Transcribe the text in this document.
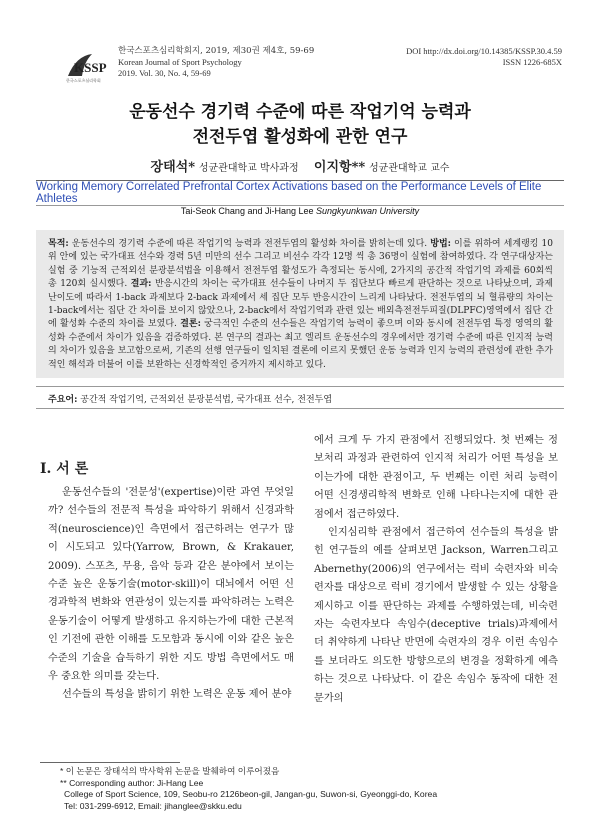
KSSP
한국스포츠심리학회
한국스포츠심리학회지, 2019, 제30권 제4호, 59-69
Korean Journal of Sport Psychology
2019. Vol. 30, No. 4, 59-69
DOI http://dx.doi.org/10.14385/KSSP.30.4.59
ISSN 1226-685X
운동선수 경기력 수준에 따른 작업기억 능력과
전전두엽 활성화에 관한 연구
장태석* 성균관대학교 박사과정 이지항** 성균관대학교 교수
Working Memory Correlated Prefrontal Cortex Activations based on the Performance Levels of Elite Athletes
Tai-Seok Chang and Ji-Hang Lee Sungkyunkwan University
목적: 운동선수의 경기력 수준에 따른 작업기억 능력과 전전두엽의 활성화 차이를 밝히는데 있다. 방법: 이를 위하여 세계랭킹 10위 안에 있는 국가대표 선수와 경력 5년 미만의 선수 그리고 비선수 각각 12명 씩 총 36명이 실험에 참여하였다. 각 연구대상자는 실험 중 기능적 근적외선 분광분석법을 이용해서 전전두엽 활성도가 측정되는 동시에, 2가지의 공간적 작업기억 과제를 60회씩 총 120회 실시했다. 결과: 반응시간의 차이는 국가대표 선수들이 나머지 두 집단보다 빠르게 판단하는 것으로 나타났으며, 과제 난이도에 따라서 1-back 과제보다 2-back 과제에서 세 집단 모두 반응시간이 느리게 나타났다. 전전두엽의 뇌 혈류량의 차이는 1-back에서는 집단 간 차이를 보이지 않았으나, 2-back에서 작업기억과 관련 있는 배외측전전두피질(DLPFC)영역에서 집단 간에 활성화 수준의 차이를 보였다. 결론: 궁극적인 수준의 선수들은 작업기억 능력이 좋으며 이와 동시에 전전두엽 특정 영역의 활성화 수준에서 차이가 있음을 검증하였다. 본 연구의 결과는 최고 엘리트 운동선수의 경우에서만 경기력 수준에 따른 인지적 능력의 차이가 있음을 보고함으로써, 기존의 선행 연구들이 일치된 결론에 이르지 못했던 운동 능력과 인지 능력의 관련성에 관한 추가적인 해석과 더불어 이를 보완하는 신경학적인 증거까지 제시하고 있다.
주요어: 공간적 작업기억, 근적외선 분광분석법, 국가대표 선수, 전전두엽
I. 서 론

운동선수들의 '전문성'(expertise)이란 과연 무엇일까? 선수들의 전문적 특성을 파악하기 위해서 신경과학적(neuroscience)인 측면에서 접근하려는 연구가 많이 시도되고 있다(Yarrow, Brown, & Krakauer, 2009). 스포츠, 무용, 음악 등과 같은 분야에서 보이는 수준 높은 운동기술(motor-skill)이 대뇌에서 어떤 신경과학적 변화와 연관성이 있는지를 파악하려는 노력은 운동기술이 어떻게 발생하고 유지하는가에 대한 근본적인 기전에 관한 이해를 도모함과 동시에 이와 같은 높은 수준의 기술을 습득하기 위한 지도 방법 측면에서도 매우 중요한 의미를 갖는다.

선수들의 특성을 밝히기 위한 노력은 운동 제어 분야

에서 크게 두 가지 관점에서 진행되었다. 첫 번째는 정보처리 과정과 관련하여 인지적 처리가 어떤 특성을 보이는가에 대한 관점이고, 두 번째는 이런 처리 능력이 어떤 신경생리학적 변화로 인해 나타나는지에 대한 관점에서 접근하였다.

인지심리학 관점에서 접근하여 선수들의 특성을 밝힌 연구들의 예를 살펴보면 Jackson, Warren그리고 Abernethy(2006)의 연구에서는 럭비 숙련자와 비숙련자를 대상으로 럭비 경기에서 발생할 수 있는 상황을 제시하고 이를 판단하는 과제를 수행하였는데, 비숙련자는 숙련자보다 속임수(deceptive trials)과제에서 더 취약하게 나타난 반면에 숙련자의 경우 이런 속임수를 보더라도 의도한 방향으로의 변경을 정확하게 예측하는 것으로 나타났다. 이 같은 속임수 동작에 대한 전문가의

* 이 논문은 장태석의 박사학위 논문을 발췌하여 이루어졌음
** Corresponding author: Ji-Hang Lee
College of Sport Science, 109, Seobu-ro 2126beon-gil, Jangan-gu, Suwon-si, Gyeonggi-do, Korea
Tel: 031-299-6912, Email: jihanglee@skku.edu
